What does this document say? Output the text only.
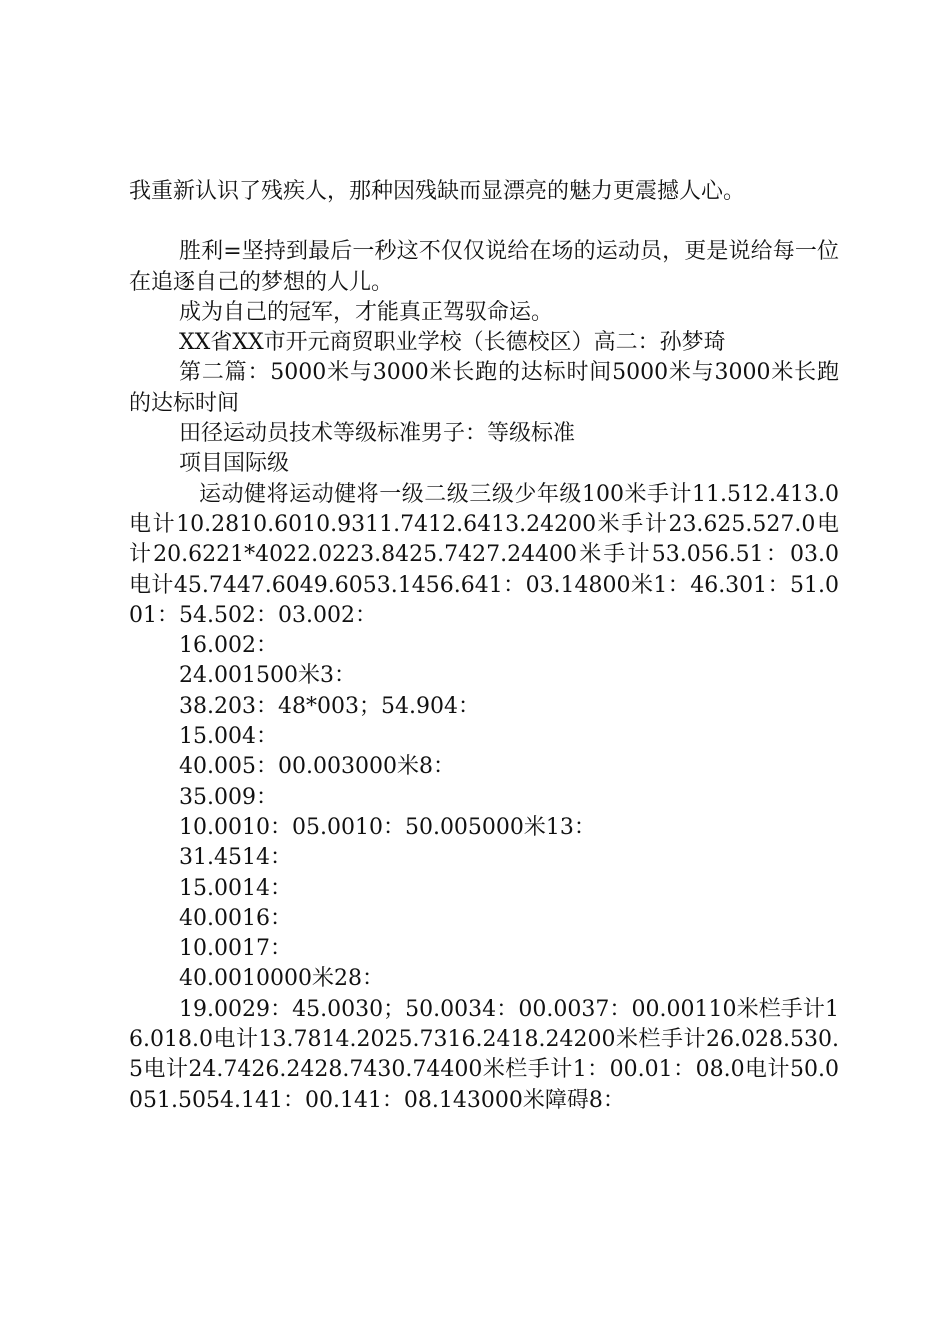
我重新认识了残疾人，那种因残缺而显漂亮的魅力更震撼人心。

胜利=坚持到最后一秒这不仅仅说给在场的运动员，更是说给每一位在追逐自己的梦想的人儿。

成为自己的冠军，才能真正驾驭命运。

XX省XX市开元商贸职业学校（长德校区）高二：孙梦琦

第二篇：5000米与3000米长跑的达标时间5000米与3000米长跑的达标时间

田径运动员技术等级标准男子：等级标准

项目国际级

运动健将运动健将一级二级三级少年级100米手计11.512.413.0电计10.2810.6010.9311.7412.6413.24200米手计23.625.527.0电计20.6221*4022.0223.8425.7427.24400米手计53.056.51：03.0电计45.7447.6049.6053.1456.641：03.14800米1：46.301：51.001：54.502：03.002：

16.002：

24.001500米3：

38.203：48*003；54.904：

15.004：

40.005：00.003000米8：

35.009：

10.0010：05.0010：50.005000米13：

31.4514：

15.0014：

40.0016：

10.0017：

40.0010000米28：

19.0029：45.0030；50.0034：00.0037：00.00110米栏手计16.018.0电计13.7814.2025.7316.2418.24200米栏手计26.028.530.5电计24.7426.2428.7430.74400米栏手计1：00.01：08.0电计50.0051.5054.141：00.141：08.143000米障碍8：
